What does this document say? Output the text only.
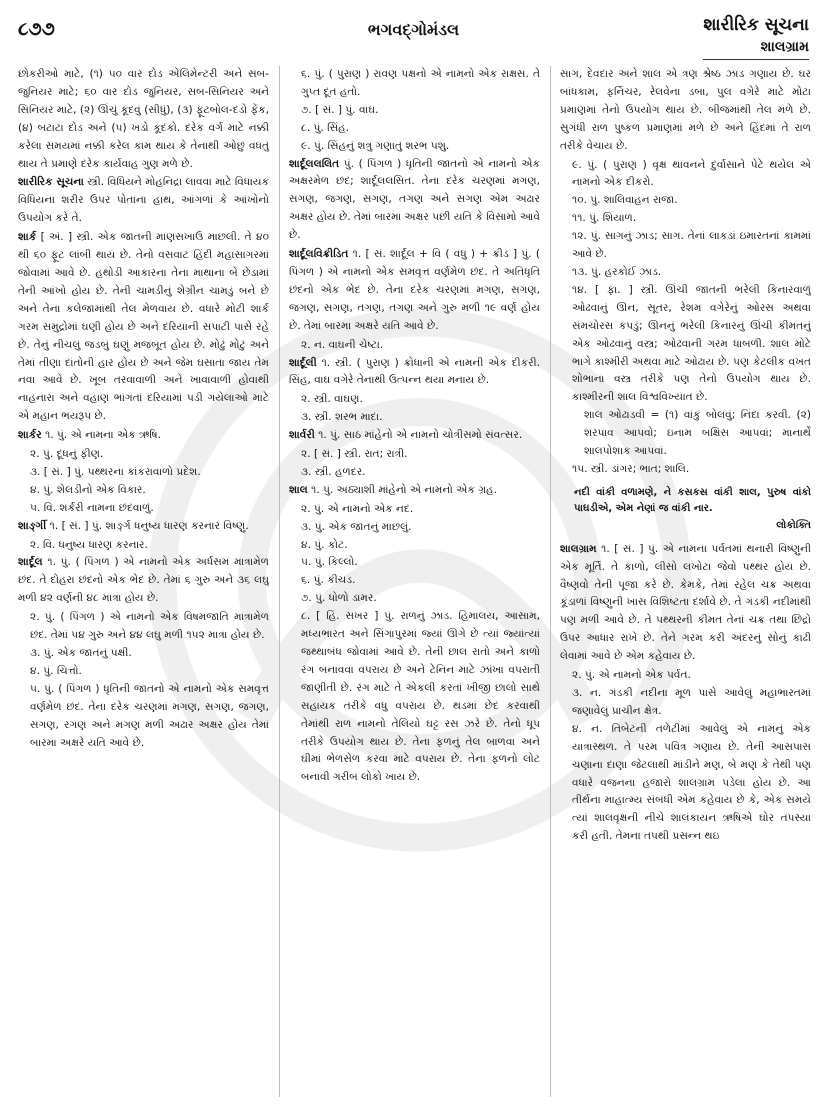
૮૭૭	ભગવદ્ગોમંડલ	શારીરિક સૂચના
શાલગ્રામ
છોકરીઓ માટે, (૧) ૫૦ વાર દોડ એલિમેન્ટરી અને સબ-જુનિયર માટે; ૬૦ વાર દોડ જુનિયર, સબ-સિનિયર અને સિનિયર માટે, (૨) ઊંચું કૂદવું (સીધું), (૩) ફૂટબોલ-દડો ફેંક, (૪) બટાટા દોડ અને (૫) ખડો કૂદકો. દરેક વર્ગ માટે નક્કી કરેલા સમયમાં નક્કી કરેલ કામ થાય કે તેનાથી ઓછું વધતું થાય તે પ્રમાણે દરેક કાર્યવાહ ગુણ મળે છે.
શારીરિક સૂચના સ્ત્રી. વિધિયને મોહનિદ્રા લાવવા માટે વિધાયક વિધિયના શરીર ઉપર પોતાના હાથ, આંગળાં કે આંખોનો ઉપયોગ કરે તે.
શાર્ક [ અં. ] સ્ત્રી. એક જાતની માણસખાઉ માછલી. તે ૪૦ થી ૬૦ ફૂટ લાંબી થાય છે. તેનો વસવાટ હિંદી મહાસાગરમાં જોવામાં આવે છે. હથોડી આકારના તેના માથાના બે છેડામાં તેની આંખો હોય છે. તેની ચામડીનું શેગ્રીન ચામડું બને છે અને તેના કલેજામાંથી તેલ મેળવાય છે. વધારે મોટી શાર્ક ગરમ સમુદ્રોમાં ઘણી હોય છે અને દરિયાની સપાટી પાસે રહે છે. તેનું નીચલું જડબું ઘણું મજબૂત હોય છે. મોઢું મોટું અને તેમાં તીણા દાંતોની હાર હોય છે અને જેમ ઘસાતા જાય તેમ નવા આવે છે. ખૂબ તરવાવાળી અને ખાવાવાળી હોવાથી નાહનારા અને વહાણ ભાંગતાં દરિયામાં પડી ગયેલાઓ માટે એ મહાન ભયરૂપ છે.
શાર્કર ૧. પું. એ નામના એક ઋષિ.
૨. પું. દૂધનું ફીણ.
૩. [ સં. ] પું. પથ્થરના કાંકરાવાળો પ્રદેશ.
૪. પું. શેલડીનો એક વિકાર.
૫. વિ. શર્કરી નામના છંદવાળું.
શાર્ઙ્ગી ૧. [ સં. ] પું. શાર્ઙ્ગ ધનુષ્ય ધારણ કરનાર વિષ્ણુ.
૨. વિ. ધનુષ્ય ધારણ કરનાર.
શાર્દૂલ ૧. પું. ( પિંગળ ) એ નામનો એક અર્ધસમ માત્રામેળ છંદ. તે દોહરા છંદનો એક ભેદ છે. તેમાં ૬ ગુરુ અને ૩૬ લઘુ મળી ૪૨ વર્ણની ૪૮ માત્રા હોય છે.
૨. પું. ( પિંગળ ) એ નામનો એક વિષમજાતિ માત્રામેળ છંદ. તેમાં ૫૪ ગુરુ અને ૪૪ લઘુ મળી ૧૫૨ માત્રા હોય છે.
૩. પું. એક જાતનું પક્ષી.
૪. પું. ચિત્તો.
૫. પું. ( પિંગળ ) ધૃતિની જાતનો એ નામનો એક સમવૃત્ત વર્ણમેળ છંદ. તેના દરેક ચરણમાં મગણ, સગણ, જગણ, સગણ, રગણ અને મગણ મળી અઢાર અક્ષર હોય તેમાં બારમા અક્ષરે યતિ આવે છે.
૬. પું. ( પુરાણ ) રાવણ પક્ષનો એ નામનો એક રાક્ષસ. તે ગુપ્ત દૂત હતો.
૭. [ સં. ] પું. વાઘ.
૮. પું. સિંહ.
૯. પું. સિંહનું શત્રુ ગણાતું શરભ પશુ.
શાર્દૂલલલિત પું. ( પિંગળ ) ધૃતિની જાતનો એ નામનો એક અક્ષરમેળ છંદ; શાર્દૂલલસિત. તેના દરેક ચરણમાં મગણ, સગણ, જગણ, સગણ, તગણ અને સગણ એમ અઢાર અક્ષર હોય છે. તેમાં બારમા અક્ષર પછી યતિ કે વિસામો આવે છે.
શાર્દૂલવિક્રીડિત ૧. [ સં. શાર્દૂલ + વિ ( વધુ ) + ક્રીડ ] પું. ( પિંગળ ) એ નામનો એક સમવૃત્ત વર્ણમેળ છંદ. તે અતિધૃતિ છંદનો એક ભેદ છે. તેના દરેક ચરણમાં મગણ, સગણ, જગણ, સગણ, તગણ, તગણ અને ગુરુ મળી ૧૯ વર્ણ હોય છે. તેમાં બારમા અક્ષરે યતિ આવે છે.
૨. ન. વાઘની ચેષ્ટા.
શાર્દૂલી ૧. સ્ત્રી. ( પુરાણ ) ક્રોધાની એ નામની એક દીકરી. સિંહ, વાઘ વગેરે તેનાથી ઉત્પન્ન થયા મનાય છે.
૨. સ્ત્રી. વાઘણ.
૩. સ્ત્રી. શરભ માદા.
શાર્વરી ૧. પું. સાઠ માંહેનો એ નામનો ચોત્રીસમો સંવત્સર.
૨. [ સં. ] સ્ત્રી. રાત; રાત્રી.
૩. સ્ત્રી. હળદર.
શાલ ૧. પું. અઠ્યાશી માંહેનો એ નામનો એક ગ્રહ.
૨. પું. એ નામનો એક નદ.
૩. પું. એક જાતનું માછલું.
૪. પું. કોટ.
૫. પું. કિલ્લો.
૬. પું. કીચડ.
૭. પું. ધોળો ડામર.
૮. [ હિં. સખર ] પું. રાળનું ઝાડ. હિમાલય, આસામ, મધ્યભારત અને સિંગાપુરમાં જ્યાં ઊગે છે ત્યાં જ્યાંત્યાં જથ્થાબંધ જોવામાં આવે છે. તેની છાલ રાતો અને કાળો રંગ બનાવવા વપરાય છે અને ટેનિન માટે ઝાંખા વપરાતી જાણીતી છે. રંગ માટે તે એકલી કરતાં ખીજી છાલો સાથે સહાયક તરીકે વધુ વપરાય છે. થડમાં છેદ કરવાથી તેમાંથી રાળ નામનો તેલિયો ઘટ્ટ રસ ઝરે છે. તેનો ધૂપ તરીકે ઉપયોગ થાય છે. તેના ફળનું તેલ બાળવા અને ઘીમાં ભેળસેળ કરવા માટે વપરાય છે. તેના ફળનો લોટ બનાવી ગરીબ લોકો ખાય છે.
સાગ, દેવદાર અને શાલ એ ત્રણ શ્રેષ્ઠ ઝાડ ગણાય છે. ઘર બાંધકામ, ફર્નિચર, રેલવેના ડબા, પુલ વગેરે માટે મોટા પ્રમાણમાં તેનો ઉપયોગ થાય છે. બીજમાંથી તેલ મળે છે. સુગંધી રાળ પુષ્કળ પ્રમાણમાં મળે છે અને હિંદમાં તે રાળ તરીકે વેચાય છે.
૯. પું. ( પુરાણ ) વૃક્ષ થાવનને દુર્વાસાને પેટે થયેલ એ નામનો એક દીકરો.
૧૦. પું. શાલિવાહન રાજા.
૧૧. પું. શિયાળ.
૧૨. પું. સાગનું ઝાડ; સાગ. તેનાં લાકડાં ઇમારતનાં કામમાં આવે છે.
૧૩. પું. હરકોઈ ઝાડ.
૧૪. [ ફા. ] સ્ત્રી. ઊંચી જાતની ભરેલી કિનારવાળું ઓઢવાનું ઊન, સૂતર, રેશમ વગેરેનું ઓરસ અથવા સંમચોરસ કપડું; ઊનનું ભરેલી કિનારનું ઊંચી કીમતનું એક ઓઢવાનું વસ્ત્ર; ઓઢવાની ગરમ ધાબળી. શાલ મોટે ભાગે કાશ્મીરી અથવા માટે ઓઢાય છે. પણ કેટલીક વખત શોભાના વસ્ત્ર તરીકે પણ તેનો ઉપયોગ થાય છે. કાશ્મીરની શાલ વિશ્વવિખ્યાત છે.
શાલ ઓઢાડવી = (૧) વાંકું બોલવું; નિંદા કરવી. (૨) શરપાવ આપવો; ઇનામ બક્ષિસ આપવાં; માનાર્થે શાલપોશાક આપવાં.
૧૫. સ્ત્રી. ડાંગર; ભાત; શાલિ.
નદી વાંકી વળામણે, ને કસકસ વાંકી શાલ, પુરુષ વાંકો પાઘડીએ, એમ નેણાં જ વાંકી નાર.
લોકોક્તિ
શાલગ્રામ ૧. [ સં. ] પું. એ નામના પર્વતમાં થનારી વિષ્ણુની એક મૂર્તિ. તે કાળો, લીસો લખોટા જેવો પથ્થર હોય છે. વૈષ્ણવો તેની પૂજા કરે છે. કેમકે, તેમાં રહેલ ચક્ર અથવા કૂંડાળાં વિષ્ણુની ખાસ વિશિષ્ટતા દર્શાવે છે. તે ગંડકી નદીમાંથી પણ મળી આવે છે. તે પથ્થરની કીમત તેનાં ચક્ર તથા છિદ્રો ઉપર આધાર રાખે છે. તેને ગરમ કરી અંદરનું સોનું કાઢી લેવામાં આવે છે એમ કહેવાય છે.
૨. પું. એ નામનો એક પર્વત.
૩. ન. ગંડકી નદીના મૂળ પાસે આવેલું મહાભારતમાં જણાવેલું પ્રાચીન ક્ષેત્ર.
૪. ન. તિબેટની તળેટીમાં આવેલું એ નામનું એક યાત્રાસ્થળ. તે પરમ પવિત્ર ગણાય છે. તેની આસપાસ ચણાના દાણા જેટલાથી માંડીને મણ, બે મણ કે તેથી પણ વધારે વજનના હજારો શાલગ્રામ પડેલા હોય છે. આ તીર્થના માહાત્મ્ય સંબંધી એમ કહેવાય છે કે, એક સમયે ત્યાં શાલવૃક્ષની નીચે શાલંકાયન ઋષિએ ઘોર તપસ્યા કરી હતી. તેમના તપથી પ્રસન્ન થઇ
